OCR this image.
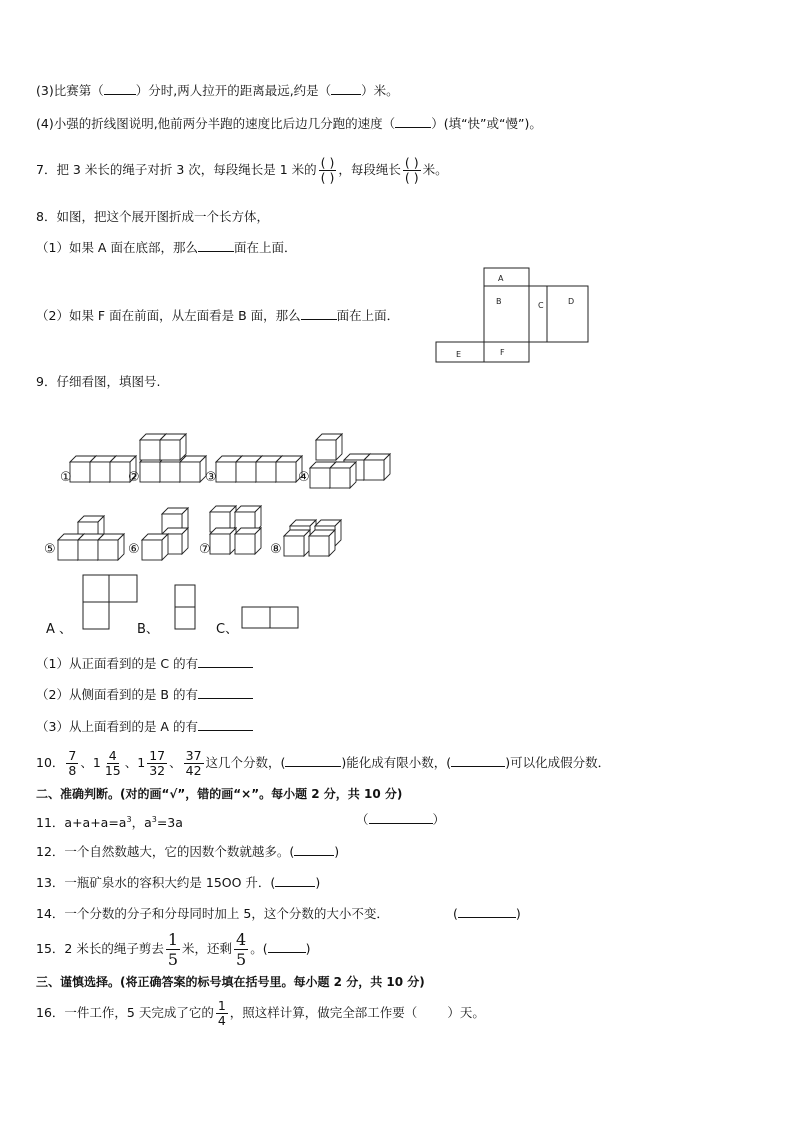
(3)比赛第（	）分时,两人拉开的距离最远,约是（ ）米。
(4)小强的折线图说明,他前两分半跑的速度比后边几分跑的速度（	）(填“快”或“慢”)。
7．把 3 米长的绳子对折 3 次，每段绳长是 1 米的 $\frac{( )}{( )}$ ，每段绳长 $\frac{( )}{( )}$ 米。
8．如图，把这个展开图折成一个长方体，
（1）如果 A 面在底部，那么	面在上面．
（2）如果 F 面在前面，从左面看是 B 面，那么	面在上面．
A
B	C	D
E	F
9．仔细看图，填图号.
①	②	③	④
⑤	⑥	⑦	⑧
A 、	B、	C、
（1）从正面看到的是 C 的有
（2）从侧面看到的是 B 的有
（3）从上面看到的是 A 的有
10． $\frac{7}{8}$ 、$1 \frac{4}{15}$ 、$1 \frac{17}{32}$ 、 $\frac{37}{42}$ 这几个分数，(	)能化成有限小数，(	)可以化成假分数．
二、准确判断。(对的画“√”，错的画“×”。每小题 2 分，共 10 分)
11．$a+a+a=a^3$，$a^3=3a$	（	）
12．一个自然数越大，它的因数个数就越多。(	)
13．一瓶矿泉水的容积大约是 15OO 升．(	)
14．一个分数的分子和分母同时加上 5，这个分数的大小不变．	(	)
15．2 米长的绳子剪去 $\frac{1}{5}$ 米，还剩 $\frac{4}{5}$ 。(	)
三、谨慎选择。(将正确答案的标号填在括号里。每小题 2 分，共 10 分)
16．一件工作，5 天完成了它的 $\frac{1}{4}$ ，照这样计算，做完全部工作要（ ）天。
